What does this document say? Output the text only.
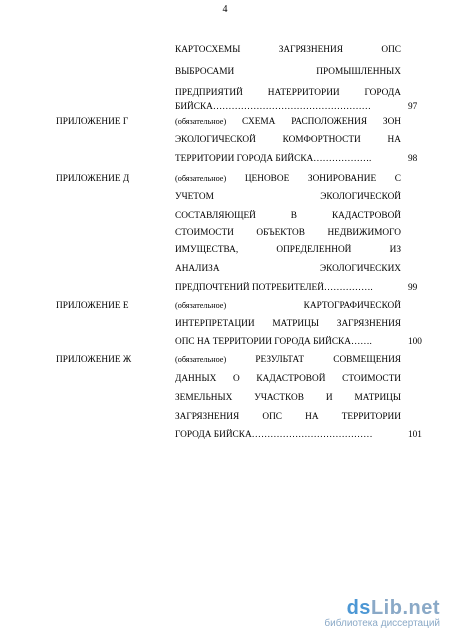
4
КАРТОСХЕМЫ ЗАГРЯЗНЕНИЯ ОПС
ВЫБРОСАМИ ПРОМЫШЛЕННЫХ
ПРЕДПРИЯТИЙ НАТЕРРИТОРИИ ГОРОДА
БИЙСКА……………………………………………	97
ПРИЛОЖЕНИЕ Г	(обязательное) СХЕМА РАСПОЛОЖЕНИЯ ЗОН
ЭКОЛОГИЧЕСКОЙ КОМФОРТНОСТИ НА
ТЕРРИТОРИИ ГОРОДА БИЙСКА……………….	98
ПРИЛОЖЕНИЕ Д	(обязательное) ЦЕНОВОЕ ЗОНИРОВАНИЕ С
УЧЕТОМ ЭКОЛОГИЧЕСКОЙ
СОСТАВЛЯЮЩЕЙ В КАДАСТРОВОЙ
СТОИМОСТИ ОБЪЕКТОВ НЕДВИЖИМОГО
ИМУЩЕСТВА, ОПРЕДЕЛЕННОЙ ИЗ
АНАЛИЗА ЭКОЛОГИЧЕСКИХ
ПРЕДПОЧТЕНИЙ ПОТРЕБИТЕЛЕЙ…………….	99
ПРИЛОЖЕНИЕ Е	(обязательное)	КАРТОГРАФИЧЕСКОЙ
ИНТЕРПРЕТАЦИИ МАТРИЦЫ ЗАГРЯЗНЕНИЯ
ОПС НА ТЕРРИТОРИИ ГОРОДА БИЙСКА…….	100
ПРИЛОЖЕНИЕ Ж	(обязательное)	РЕЗУЛЬТАТ СОВМЕЩЕНИЯ
ДАННЫХ О КАДАСТРОВОЙ СТОИМОСТИ
ЗЕМЕЛЬНЫХ УЧАСТКОВ И МАТРИЦЫ
ЗАГРЯЗНЕНИЯ ОПС НА ТЕРРИТОРИИ
ГОРОДА БИЙСКА…………………………………	101
dsLib.net
библиотека диссертаций
